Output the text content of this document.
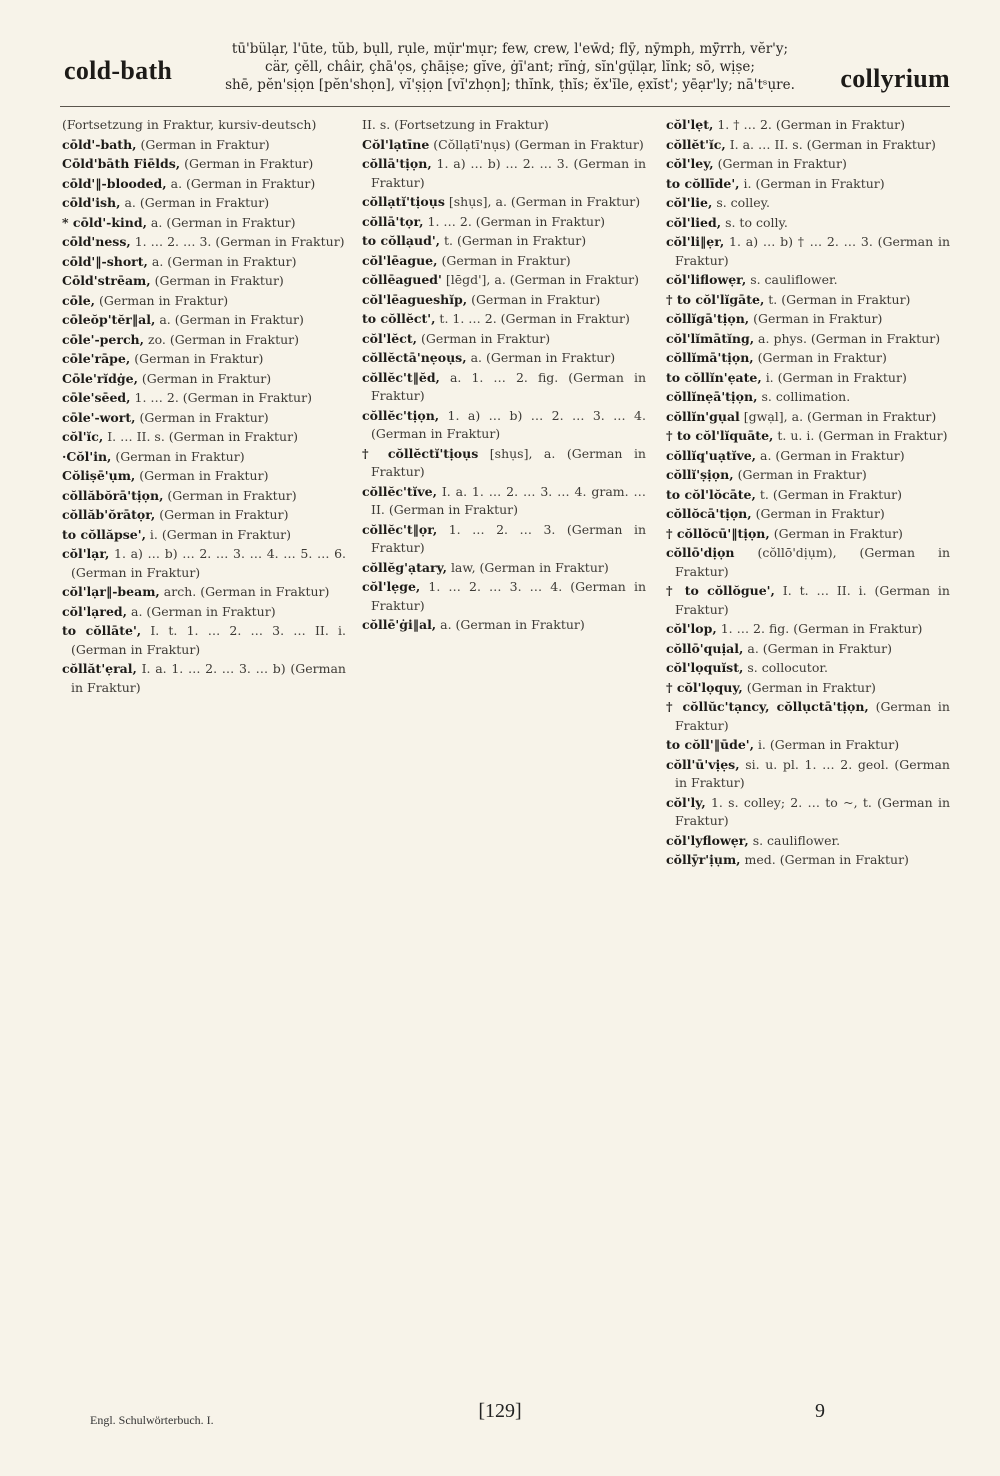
cold-bath
tū'bülạr, l'ūte, tŭb, bụll, rụle, mụ̈r'mụr; few, crew, l'ew̄d; flȳ, nȳmph, mȳ̈rrh, vĕr'y;
cär, çĕll, châir, çhā'ọs, çhāịṣe; gĭve, ġī'ant; rĭnġ, sĭn'gụ̈lạr, lĭnk; sō, wịṣe;
shē, pĕn'sịọn [pĕn'shọn], vĭ'ṣịọn [vĭ'zhọn]; thĭnk, ṭhĭs; ĕx'ĭle, ẹxĭst'; yēạr'ly; nā'tˢụre.	collyrium

(Fortsetzung in Fraktur, kursiv‑deutsch)

cōld'-bath, (German in Fraktur)

Cōld'bāth Fiēlds, (German in Fraktur)

cōld'‖-blooded, a. (German in Fraktur)

cōld'ish, a. (German in Fraktur)

* cōld'-kind, a. (German in Fraktur)

cōld'ness, 1. … 2. … 3. (German in Fraktur)

cōld'‖-short, a. (German in Fraktur)

Cōld'strēam, (German in Fraktur)

cōle, (German in Fraktur)

cōleŏp'tĕr‖al, a. (German in Fraktur)

cōle'-perch, zo. (German in Fraktur)

cōle'rāpe, (German in Fraktur)

Cōle'rĭdġe, (German in Fraktur)

cōle'sēed, 1. … 2. (German in Fraktur)

cōle'-wort, (German in Fraktur)

cŏl'ĭc, I. … II. s. (German in Fraktur)

·Cŏl'in, (German in Fraktur)

Cŏliṣē'ụm, (German in Fraktur)

cŏllăbŏrā'tịọn, (German in Fraktur)

cŏllăb'ŏrātọr, (German in Fraktur)

to cŏllăpse', i. (German in Fraktur)

cŏl'lạr, 1. a) … b) … 2. … 3. … 4. … 5. … 6. (German in Fraktur)

cŏl'lạr‖-beam, arch. (German in Fraktur)

cŏl'lạred, a. (German in Fraktur)

to cŏllāte', I. t. 1. … 2. … 3. … II. i. (German in Fraktur)

cŏllăt'ẹral, I. a. 1. … 2. … 3. … b) (German in Fraktur)

II. s. (Fortsetzung in Fraktur)

Cŏl'lạtīne (Cŏllạtī'nụs) (German in Fraktur)

cŏllā'tịọn, 1. a) … b) … 2. … 3. (German in Fraktur)

cŏllạtĭ'tịoụs [shụs], a. (German in Fraktur)

cŏllā'tọr, 1. … 2. (German in Fraktur)

to cŏllạud', t. (German in Fraktur)

cŏl'lēague, (German in Fraktur)

cŏllēagued' [lēgd'], a. (German in Fraktur)

cŏl'lēagueshĭp, (German in Fraktur)

to cŏllĕct', t. 1. … 2. (German in Fraktur)

cŏl'lĕct, (German in Fraktur)

cŏllĕctā'nẹoụs, a. (German in Fraktur)

cŏllĕc't‖ĕd, a. 1. … 2. fig. (German in Fraktur)

cŏllĕc'tịọn, 1. a) … b) … 2. … 3. … 4. (German in Fraktur)

† cŏllĕctĭ'tịoụs [shụs], a. (German in Fraktur)

cŏllĕc'tĭve, I. a. 1. … 2. … 3. … 4. gram. … II. (German in Fraktur)

cŏllĕc't‖ọr, 1. … 2. … 3. (German in Fraktur)

cŏllĕg'ạtary, law, (German in Fraktur)

cŏl'lẹge, 1. … 2. … 3. … 4. (German in Fraktur)

cŏllē'ġi‖al, a. (German in Fraktur)

cŏl'lẹt, 1. † … 2. (German in Fraktur)

cŏllĕt'ĭc, I. a. … II. s. (German in Fraktur)

cŏl'ley, (German in Fraktur)

to cŏllīde', i. (German in Fraktur)

cŏl'lie, s. colley.

cŏl'lied, s. to colly.

cŏl'li‖ẹr, 1. a) … b) † … 2. … 3. (German in Fraktur)

cŏl'liflowẹr, s. cauliflower.

† to cŏl'lĭgāte, t. (German in Fraktur)

cŏllĭgā'tịọn, (German in Fraktur)

cŏl'lĭmātĭng, a. phys. (German in Fraktur)

cŏllĭmā'tịọn, (German in Fraktur)

to cŏllĭn'ẹate, i. (German in Fraktur)

cŏllĭnẹā'tịọn, s. collimation.

cŏllĭn'gụal [gwạl], a. (German in Fraktur)

† to cŏl'lĭquāte, t. u. i. (German in Fraktur)

cŏllĭq'uạtĭve, a. (German in Fraktur)

cŏllĭ'ṣịọn, (German in Fraktur)

to cŏl'lŏcāte, t. (German in Fraktur)

cŏllŏcā'tịọn, (German in Fraktur)

† cŏllŏcū'‖tịọn, (German in Fraktur)

cŏllō'dịọn (cŏllō'dịụm), (German in Fraktur)

† to cŏllŏgue', I. t. … II. i. (German in Fraktur)

cŏl'lop, 1. … 2. fig. (German in Fraktur)

cŏllō'quịal, a. (German in Fraktur)

cŏl'lọquĭst, s. collocutor.

† cŏl'lọquy, (German in Fraktur)

† cŏllŭc'tạncy, cŏllụctā'tịọn, (German in Fraktur)

to cŏll'‖ūde', i. (German in Fraktur)

cŏll'ū'vịẹs, si. u. pl. 1. … 2. geol. (German in Fraktur)

cŏl'ly, 1. s. colley; 2. … to ~, t. (German in Fraktur)

cŏl'lyflowẹr, s. cauliflower.

cŏllȳr'ịụm, med. (German in Fraktur)

Engl. Schulwörterbuch. I.	[129]	9
